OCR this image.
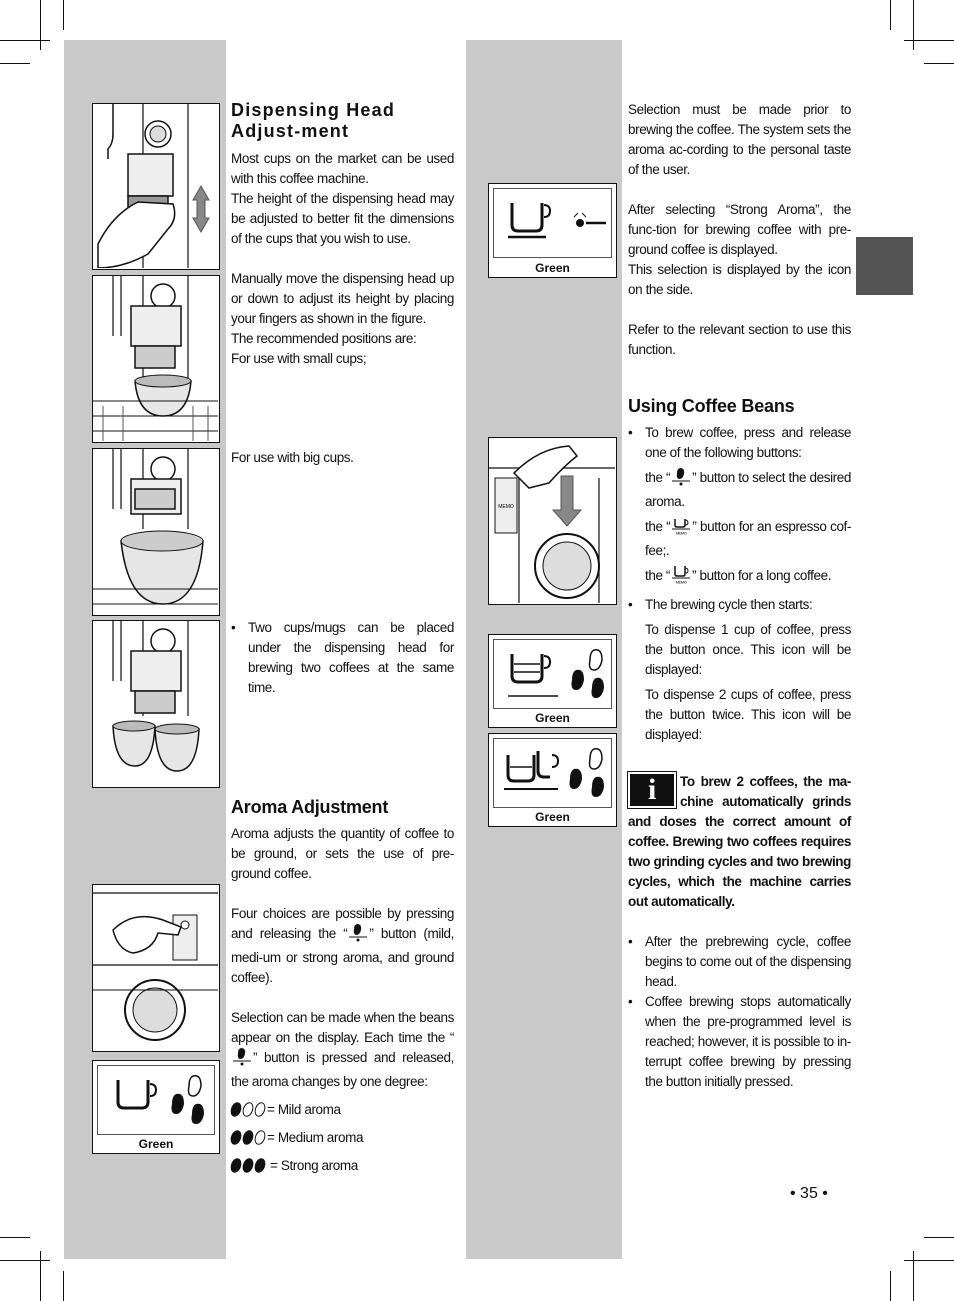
Green
Green
MEMO
Green
Green
Dispensing Head Adjust-ment

Most cups on the market can be used with this coffee machine.

The height of the dispensing head may be adjusted to better fit the dimensions of the cups that you wish to use.

Manually move the dispensing head up or down to adjust its height by placing your fingers as shown in the figure.

The recommended positions are:

For use with small cups;

For use with big cups.

• Two cups/mugs can be placed under the dispensing head for brewing two coffees at the same time.

Aroma Adjustment

Aroma adjusts the quantity of coffee to be ground, or sets the use of pre-ground coffee.

Four choices are possible by pressing and releasing the “ ” button (mild, medi-um or strong aroma, and ground coffee).

Selection can be made when the beans appear on the display. Each time the “” button is pressed and released, the aroma changes by one degree:

= Mild aroma

= Medium aroma

= Strong aroma

Selection must be made prior to brewing the coffee. The system sets the aroma ac-cording to the personal taste of the user.

After selecting “Strong Aroma”, the func-tion for brewing coffee with pre-ground coffee is displayed.

This selection is displayed by the icon on the side.

Refer to the relevant section to use this function.

Using Coffee Beans

• To brew coffee, press and release one of the following buttons:

the “ ” button to select the desired aroma.

the “ MEMO ” button for an espresso cof-fee;.

the “ MEMO ” button for a long coffee.

• The brewing cycle then starts:

To dispense 1 cup of coffee, press the button once. This icon will be displayed:

To dispense 2 cups of coffee, press the button twice. This icon will be displayed:

i	To brew 2 coffees, the ma-chine automatically grinds and doses the correct amount of coffee. Brewing two coffees requires two grinding cycles and two brewing cycles, which the machine carries out automatically.

• After the prebrewing cycle, coffee begins to come out of the dispensing head.

• Coffee brewing stops automatically when the pre-programmed level is reached; however, it is possible to in-terrupt coffee brewing by pressing the button initially pressed.

• 35 •
